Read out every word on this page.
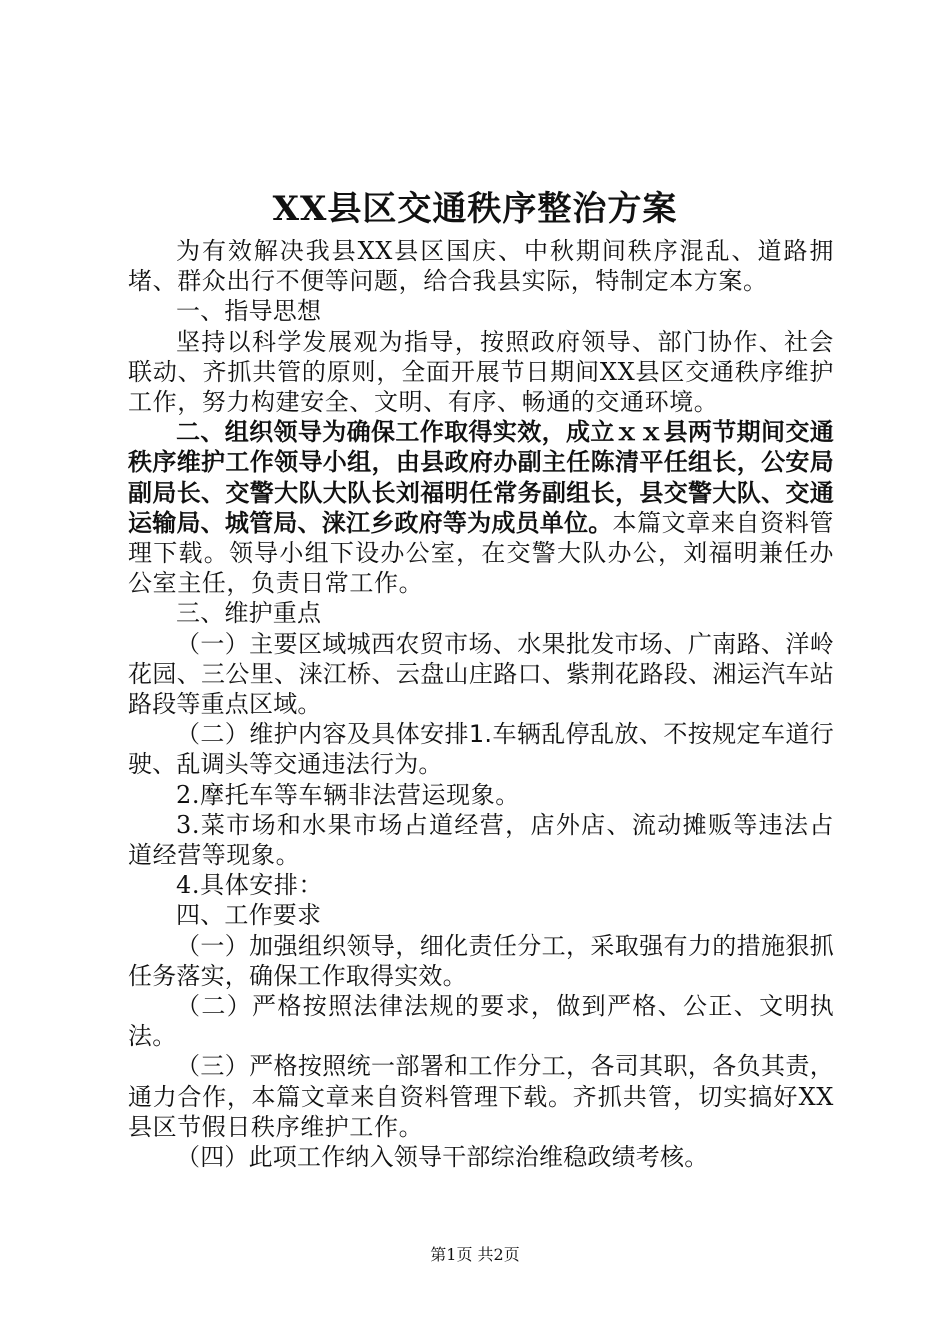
XX县区交通秩序整治方案

为有效解决我县XX县区国庆、中秋期间秩序混乱、道路拥堵、群众出行不便等问题，给合我县实际，特制定本方案。

一、指导思想

坚持以科学发展观为指导，按照政府领导、部门协作、社会联动、齐抓共管的原则，全面开展节日期间XX县区交通秩序维护工作，努力构建安全、文明、有序、畅通的交通环境。

二、组织领导为确保工作取得实效，成立ｘｘ县两节期间交通秩序维护工作领导小组，由县政府办副主任陈清平任组长，公安局副局长、交警大队大队长刘福明任常务副组长，县交警大队、交通运输局、城管局、涞江乡政府等为成员单位。本篇文章来自资料管理下载。领导小组下设办公室，在交警大队办公，刘福明兼任办公室主任，负责日常工作。

三、维护重点

（一）主要区域城西农贸市场、水果批发市场、广南路、洋岭花园、三公里、涞江桥、云盘山庄路口、紫荆花路段、湘运汽车站路段等重点区域。

（二）维护内容及具体安排1.车辆乱停乱放、不按规定车道行驶、乱调头等交通违法行为。

2.摩托车等车辆非法营运现象。

3.菜市场和水果市场占道经营，店外店、流动摊贩等违法占道经营等现象。

4.具体安排：

四、工作要求

（一）加强组织领导，细化责任分工，采取强有力的措施狠抓任务落实，确保工作取得实效。

（二）严格按照法律法规的要求，做到严格、公正、文明执法。

（三）严格按照统一部署和工作分工，各司其职，各负其责，通力合作，本篇文章来自资料管理下载。齐抓共管，切实搞好XX县区节假日秩序维护工作。

（四）此项工作纳入领导干部综治维稳政绩考核。

第1页 共2页
